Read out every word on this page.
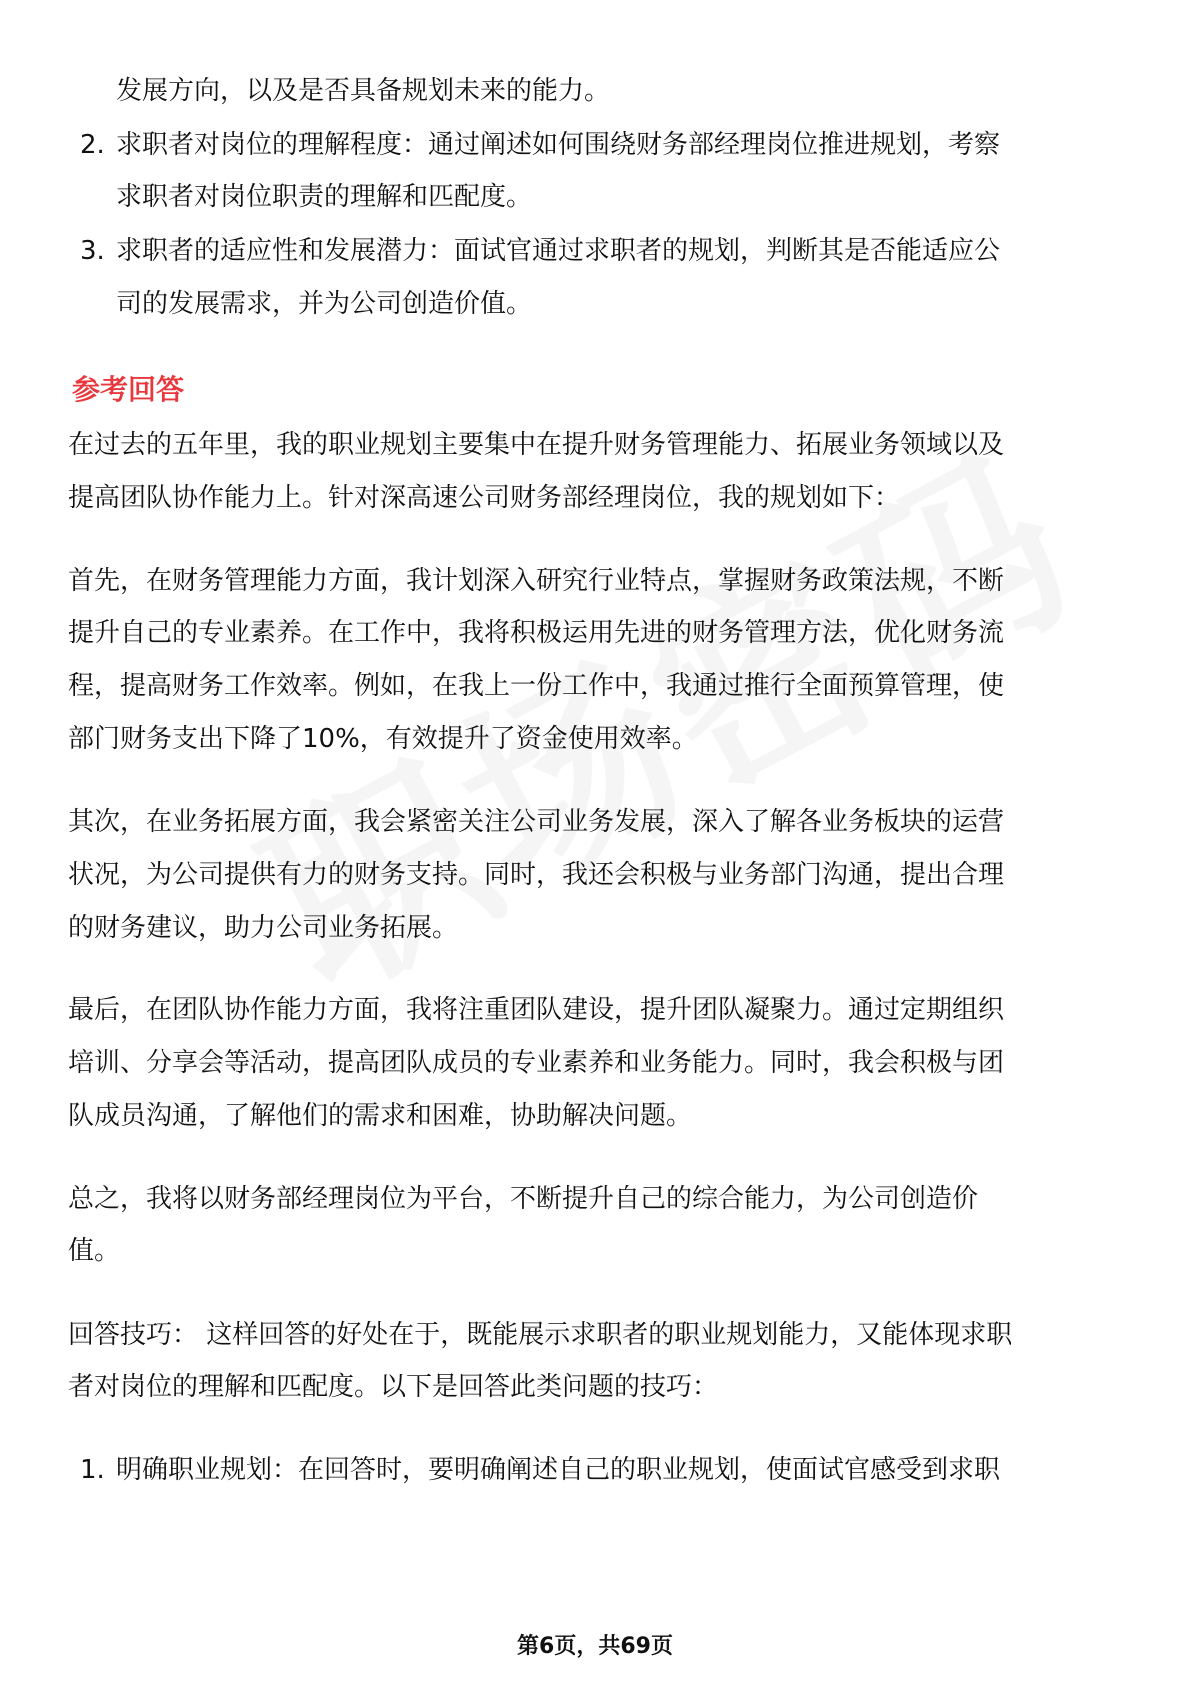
发展方向，以及是否具备规划未来的能力。
2. 求职者对岗位的理解程度：通过阐述如何围绕财务部经理岗位推进规划，考察
求职者对岗位职责的理解和匹配度。
3. 求职者的适应性和发展潜力：面试官通过求职者的规划，判断其是否能适应公
司的发展需求，并为公司创造价值。
参考回答
在过去的五年里，我的职业规划主要集中在提升财务管理能力、拓展业务领域以及
提高团队协作能力上。针对深高速公司财务部经理岗位，我的规划如下：
首先，在财务管理能力方面，我计划深入研究行业特点，掌握财务政策法规，不断
提升自己的专业素养。在工作中，我将积极运用先进的财务管理方法，优化财务流
程，提高财务工作效率。例如，在我上一份工作中，我通过推行全面预算管理，使
部门财务支出下降了10%，有效提升了资金使用效率。
其次，在业务拓展方面，我会紧密关注公司业务发展，深入了解各业务板块的运营
状况，为公司提供有力的财务支持。同时，我还会积极与业务部门沟通，提出合理
的财务建议，助力公司业务拓展。
最后，在团队协作能力方面，我将注重团队建设，提升团队凝聚力。通过定期组织
培训、分享会等活动，提高团队成员的专业素养和业务能力。同时，我会积极与团
队成员沟通，了解他们的需求和困难，协助解决问题。
总之，我将以财务部经理岗位为平台，不断提升自己的综合能力，为公司创造价
值。
回答技巧： 这样回答的好处在于，既能展示求职者的职业规划能力，又能体现求职
者对岗位的理解和匹配度。以下是回答此类问题的技巧：
1. 明确职业规划：在回答时，要明确阐述自己的职业规划，使面试官感受到求职
第6页，共69页
